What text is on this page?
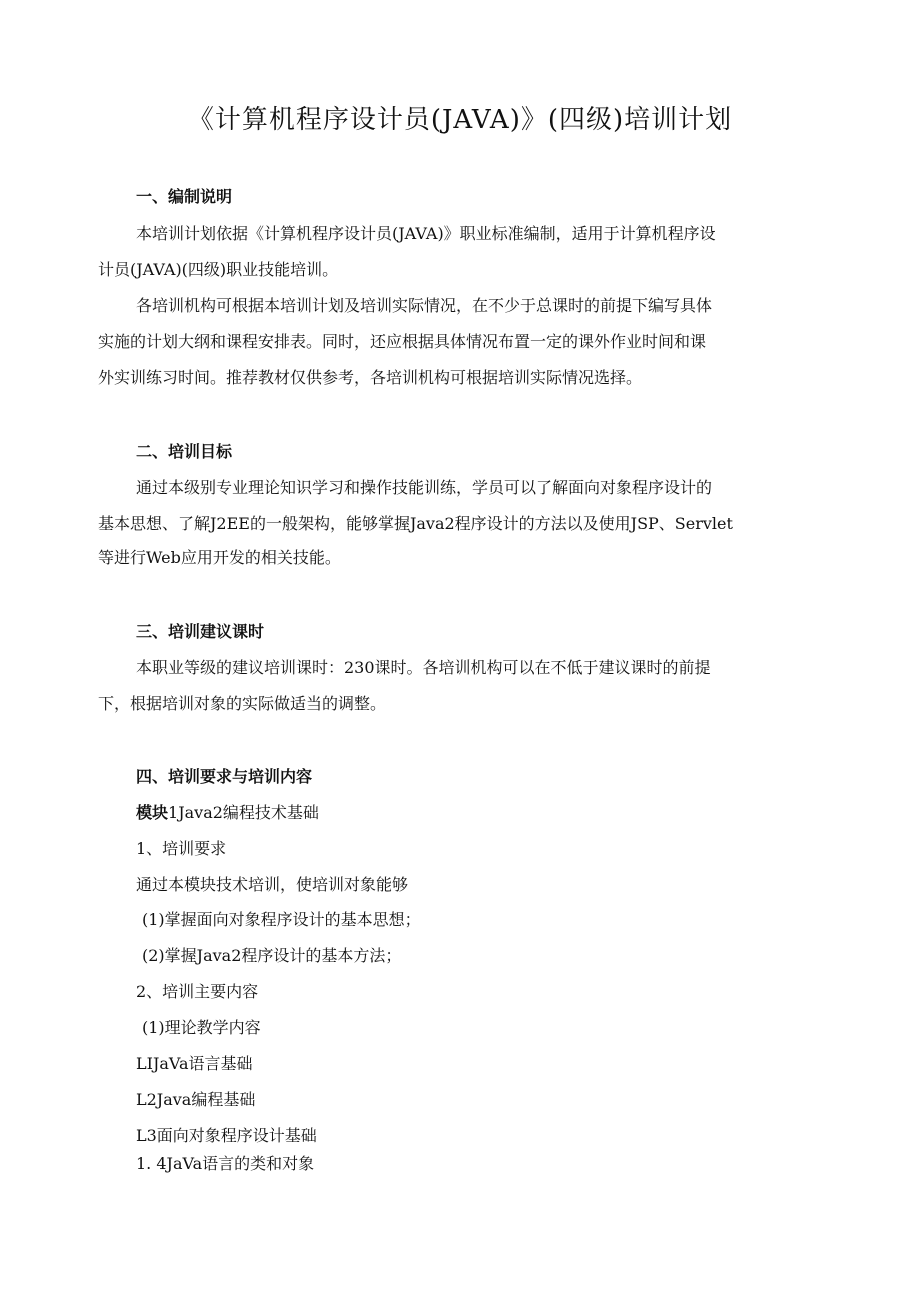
《计算机程序设计员(JAVA)》(四级)培训计划
一、编制说明
本培训计划依据《计算机程序设计员(JAVA)》职业标准编制，适用于计算机程序设
计员(JAVA)(四级)职业技能培训。
各培训机构可根据本培训计划及培训实际情况，在不少于总课时的前提下编写具体
实施的计划大纲和课程安排表。同时，还应根据具体情况布置一定的课外作业时间和课
外实训练习时间。推荐教材仅供参考，各培训机构可根据培训实际情况选择。
二、培训目标
通过本级别专业理论知识学习和操作技能训练，学员可以了解面向对象程序设计的
基本思想、了解J2EE的一般架构，能够掌握Java2程序设计的方法以及使用JSP、Servlet
等进行Web应用开发的相关技能。
三、培训建议课时
本职业等级的建议培训课时：230课时。各培训机构可以在不低于建议课时的前提
下，根据培训对象的实际做适当的调整。
四、培训要求与培训内容
模块1Java2编程技术基础
1、培训要求
通过本模块技术培训，使培训对象能够
(1)掌握面向对象程序设计的基本思想；
(2)掌握Java2程序设计的基本方法；
2、培训主要内容
(1)理论教学内容
LIJaVa语言基础
L2Java编程基础
L3面向对象程序设计基础
1. 4JaVa语言的类和对象
